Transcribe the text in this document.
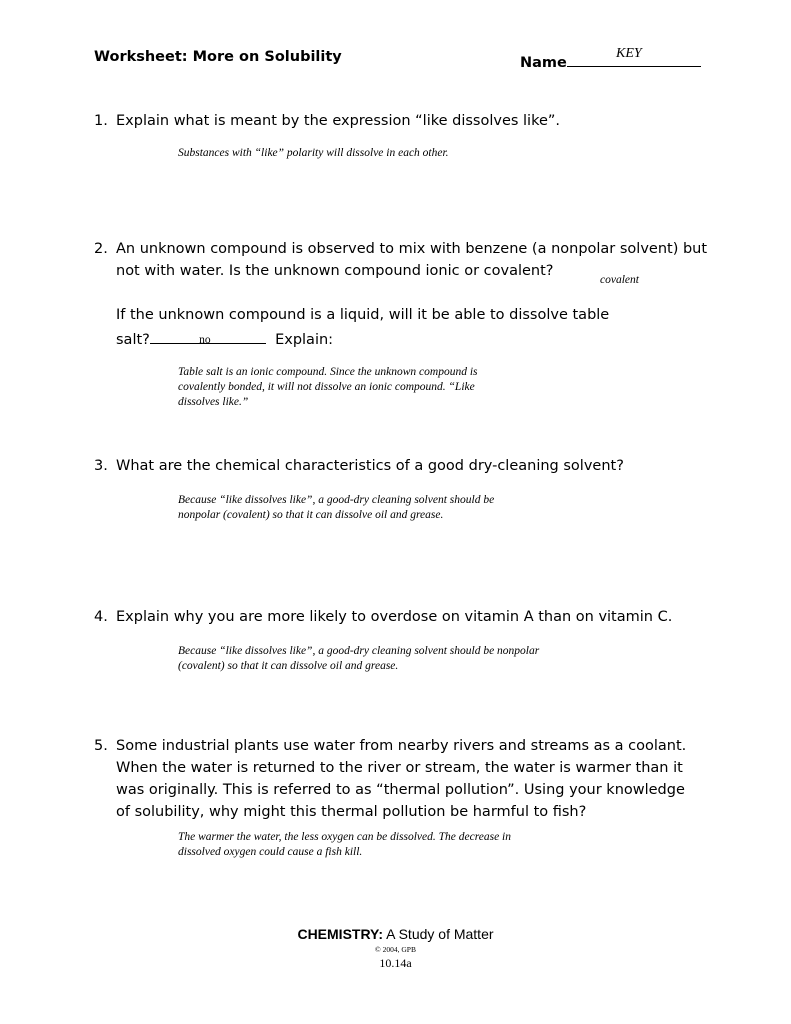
Worksheet: More on Solubility	Name
KEY
1. Explain what is meant by the expression “like dissolves like”.
Substances with “like” polarity will dissolve in each other.
2. An unknown compound is observed to mix with benzene (a nonpolar solvent) but
not with water. Is the unknown compound ionic or covalent?
covalent
If the unknown compound is a liquid, will it be able to dissolve table
salt?	no	Explain:
Table salt is an ionic compound. Since the unknown compound is
covalently bonded, it will not dissolve an ionic compound. “Like
dissolves like.”
3. What are the chemical characteristics of a good dry-cleaning solvent?
Because “like dissolves like”, a good-dry cleaning solvent should be
nonpolar (covalent) so that it can dissolve oil and grease.
4. Explain why you are more likely to overdose on vitamin A than on vitamin C.
Because “like dissolves like”, a good-dry cleaning solvent should be nonpolar
(covalent) so that it can dissolve oil and grease.
5. Some industrial plants use water from nearby rivers and streams as a coolant.
When the water is returned to the river or stream, the water is warmer than it
was originally. This is referred to as “thermal pollution”. Using your knowledge
of solubility, why might this thermal pollution be harmful to fish?
The warmer the water, the less oxygen can be dissolved. The decrease in
dissolved oxygen could cause a fish kill.
CHEMISTRY: A Study of Matter
© 2004, GPB
10.14a
